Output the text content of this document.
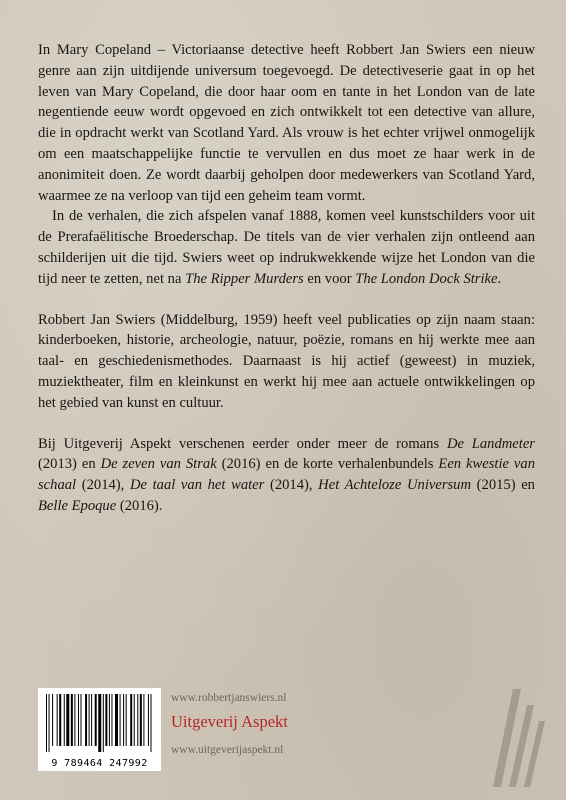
In Mary Copeland – Victoriaanse detective heeft Robbert Jan Swiers een nieuw genre aan zijn uitdijende universum toegevoegd. De detectiveserie gaat in op het leven van Mary Copeland, die door haar oom en tante in het London van de late negentiende eeuw wordt opgevoed en zich ontwikkelt tot een detective van allure, die in opdracht werkt van Scotland Yard. Als vrouw is het echter vrijwel onmogelijk om een maatschappelijke functie te vervullen en dus moet ze haar werk in de anonimiteit doen. Ze wordt daarbij geholpen door medewerkers van Scotland Yard, waarmee ze na verloop van tijd een geheim team vormt.

In de verhalen, die zich afspelen vanaf 1888, komen veel kunstschilders voor uit de Prerafaëlitische Broederschap. De titels van de vier verhalen zijn ontleend aan schilderijen uit die tijd. Swiers weet op indrukwekkende wijze het London van die tijd neer te zetten, net na The Ripper Murders en voor The London Dock Strike.

Robbert Jan Swiers (Middelburg, 1959) heeft veel publicaties op zijn naam staan: kinderboeken, historie, archeologie, natuur, poëzie, romans en hij werkte mee aan taal- en geschiedenismethodes. Daarnaast is hij actief (geweest) in muziek, muziektheater, film en kleinkunst en werkt hij mee aan actuele ontwikkelingen op het gebied van kunst en cultuur.

Bij Uitgeverij Aspekt verschenen eerder onder meer de romans De Landmeter (2013) en De zeven van Strak (2016) en de korte verhalenbundels Een kwestie van schaal (2014), De taal van het water (2014), Het Achteloze Universum (2015) en Belle Epoque (2016).

9 789464 247992
www.robbertjanswiers.nl
Uitgeverij Aspekt
www.uitgeverijaspekt.nl
